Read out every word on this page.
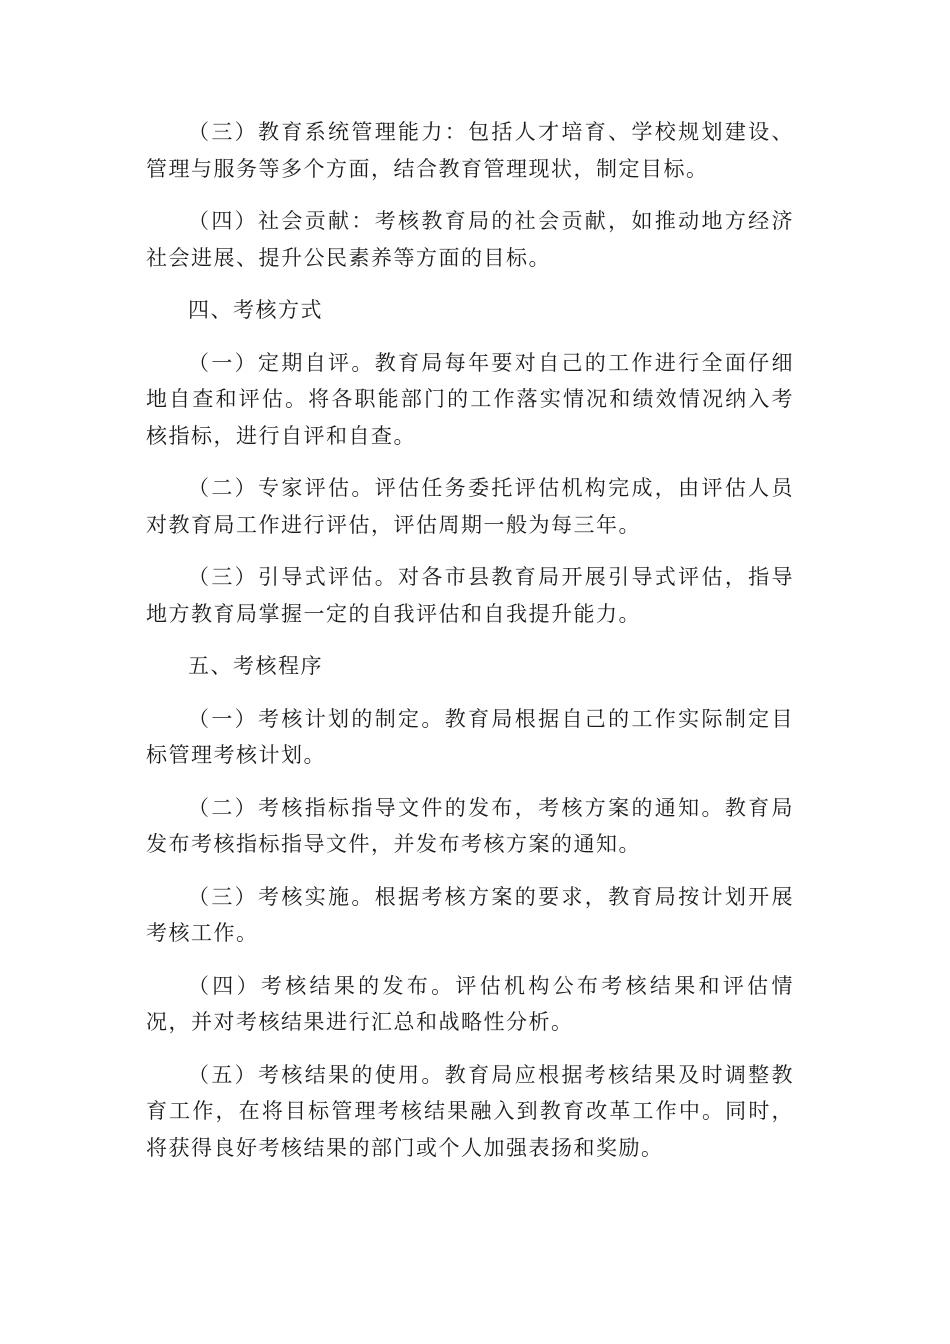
（三）教育系统管理能力：包括人才培育、学校规划建设、管理与服务等多个方面，结合教育管理现状，制定目标。

（四）社会贡献：考核教育局的社会贡献，如推动地方经济社会进展、提升公民素养等方面的目标。

四、考核方式

（一）定期自评。教育局每年要对自己的工作进行全面仔细地自查和评估。将各职能部门的工作落实情况和绩效情况纳入考核指标，进行自评和自查。

（二）专家评估。评估任务委托评估机构完成，由评估人员对教育局工作进行评估，评估周期一般为每三年。

（三）引导式评估。对各市县教育局开展引导式评估，指导地方教育局掌握一定的自我评估和自我提升能力。

五、考核程序

（一）考核计划的制定。教育局根据自己的工作实际制定目标管理考核计划。

（二）考核指标指导文件的发布，考核方案的通知。教育局发布考核指标指导文件，并发布考核方案的通知。

（三）考核实施。根据考核方案的要求，教育局按计划开展考核工作。

（四）考核结果的发布。评估机构公布考核结果和评估情况，并对考核结果进行汇总和战略性分析。

（五）考核结果的使用。教育局应根据考核结果及时调整教育工作，在将目标管理考核结果融入到教育改革工作中。同时，将获得良好考核结果的部门或个人加强表扬和奖励。
